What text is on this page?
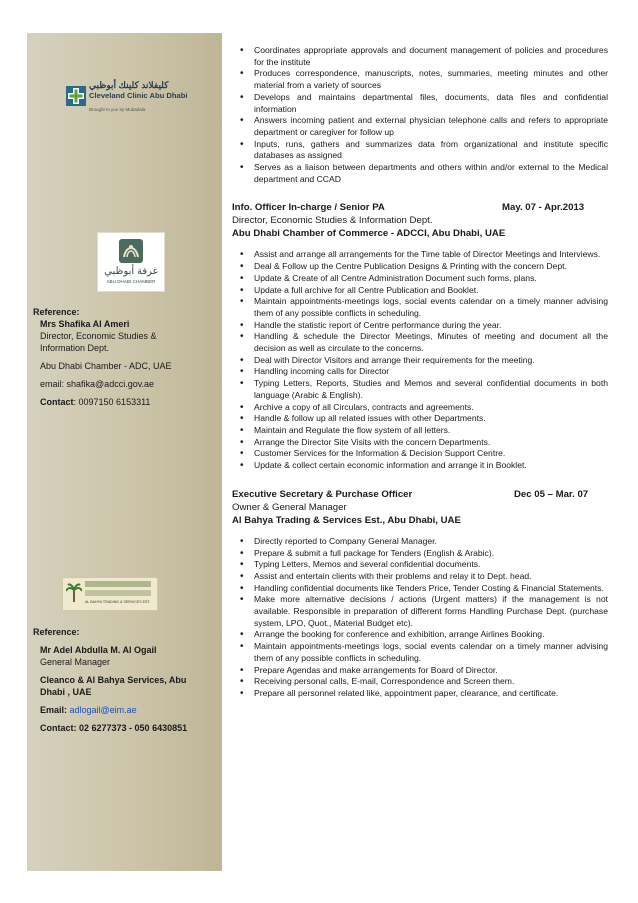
كليفلاند كلينك أبوظبي
Cleveland Clinic Abu Dhabi
Brought to you by Mubadala
غرفة أبوظبي
ABU DHABI CHAMBER
Reference:
Mrs Shafika Al Ameri
Director, Economic Studies & Information Dept.
Abu Dhabi Chamber - ADC, UAE
email: shafika@adcci.gov.ae
Contact: 0097150 6153311
AL BAHYA TRADING & SERVICES EST.
Reference:
Mr Adel Abdulla M. Al Ogail
General Manager
Cleanco & Al Bahya Services, Abu Dhabi , UAE
Email: adlogail@eim.ae
Contact: 02 6277373 - 050 6430851
• Coordinates appropriate approvals and document management of policies and procedures for the institute
• Produces correspondence, manuscripts, notes, summaries, meeting minutes and other material from a variety of sources
• Develops and maintains departmental files, documents, data files and confidential information
• Answers incoming patient and external physician telephone calls and refers to appropriate department or caregiver for follow up
• Inputs, runs, gathers and summarizes data from organizational and institute specific databases as assigned
• Serves as a liaison between departments and others within and/or external to the Medical department and CCAD
Info. Officer In-charge / Senior PA	May. 07 - Apr.2013
Director, Economic Studies & Information Dept.
Abu Dhabi Chamber of Commerce - ADCCI, Abu Dhabi, UAE
• Assist and arrange all arrangements for the Time table of Director Meetings and Interviews.
• Deal & Follow up the Centre Publication Designs & Printing with the concern Dept.
• Update & Create of all Centre Administration Document such forms, plans.
• Update a full archive for all Centre Publication and Booklet.
• Maintain appointments-meetings logs, social events calendar on a timely manner advising them of any possible conflicts in scheduling.
• Handle the statistic report of Centre performance during the year.
• Handling & schedule the Director Meetings, Minutes of meeting and document all the decision as well as circulate to the concerns.
• Deal with Director Visitors and arrange their requirements for the meeting.
• Handling incoming calls for Director
• Typing Letters, Reports, Studies and Memos and several confidential documents in both language (Arabic & English).
• Archive a copy of all Circulars, contracts and agreements.
• Handle & follow up all related issues with other Departments.
• Maintain and Regulate the flow system of all letters.
• Arrange the Director Site Visits with the concern Departments.
• Customer Services for the Information & Decision Support Centre.
• Update & collect certain economic information and arrange it in Booklet.
Executive Secretary & Purchase Officer	Dec 05 – Mar. 07
Owner & General Manager
Al Bahya Trading & Services Est., Abu Dhabi, UAE
• Directly reported to Company General Manager.
• Prepare & submit a full package for Tenders (English & Arabic).
• Typing Letters, Memos and several confidential documents.
• Assist and entertain clients with their problems and relay it to Dept. head.
• Handling confidential documents like Tenders Price, Tender Costing & Financial Statements.
• Make more alternative decisions / actions (Urgent matters) if the management is not available. Responsible in preparation of different forms Handling Purchase Dept. (purchase system, LPO, Quot., Material Budget etc).
• Arrange the booking for conference and exhibition, arrange Airlines Booking.
• Maintain appointments-meetings logs, social events calendar on a timely manner advising them of any possible conflicts in scheduling.
• Prepare Agendas and make arrangements for Board of Director.
• Receiving personal calls, E-mail, Correspondence and Screen them.
• Prepare all personnel related like, appointment paper, clearance, and certificate.
